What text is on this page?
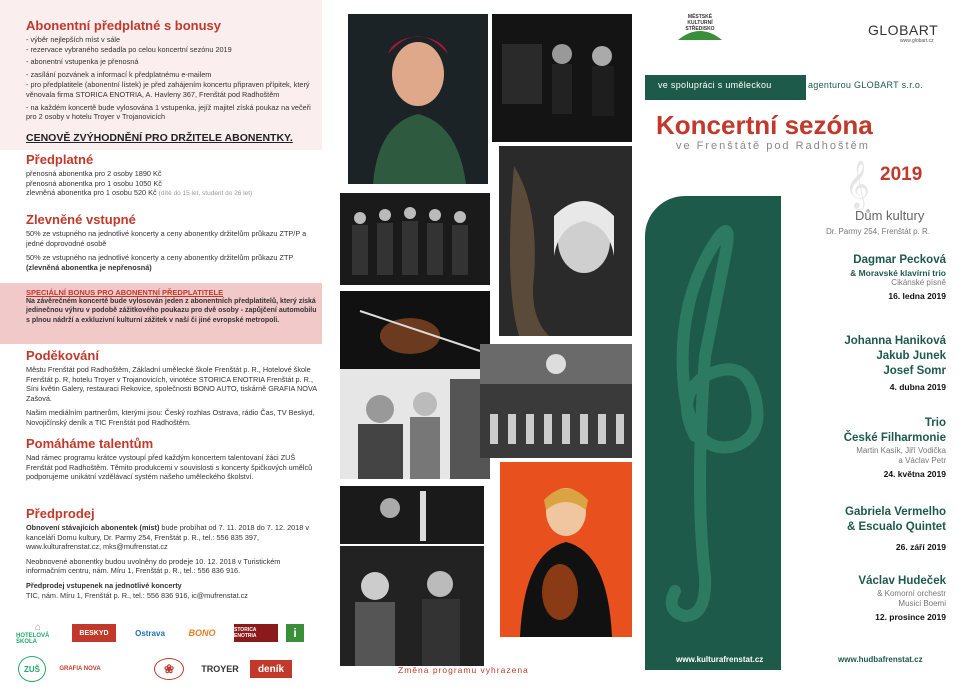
Abonentní předplatné s bonusy
- výběr nejlepších míst v sále
- rezervace vybraného sedadla po celou koncertní sezónu 2019
- abonentní vstupenka je přenosná
- zasílání pozvánek a informací k předplatnému e-mailem
- pro předplatitele (abonentní lístek) je před zahájením koncertu připraven přípitek, který věnovala firma STORICA ENOTRIA, A. Havleny 367, Frenštát pod Radhoštěm
- na každém koncertě bude vylosována 1 vstupenka, jejíž majitel získá poukaz na večeři pro 2 osoby v hotelu Troyer v Trojanovicích
CENOVĚ ZVÝHODNĚNÍ PRO DRŽITELE ABONENTKY.
Předplatné
přenosná abonentka pro 2 osoby 1890 Kč
přenosná abonentka pro 1 osobu 1050 Kč
zlevněná abonentka pro 1 osobu 520 Kč (dítě do 15 let, student do 26 let)
Zlevněné vstupné
50% ze vstupného na jednotlivé koncerty a ceny abonentky držitelům průkazu ZTP/P a jedné doprovodné osobě
50% ze vstupného na jednotlivé koncerty a ceny abonentky držitelům průkazu ZTP (zlevněná abonentka je nepřenosná)
SPECIÁLNÍ BONUS PRO ABONENTNÍ PŘEDPLATITELE
Na závěrečném koncertě bude vylosován jeden z abonentních předplatitelů, který získá jedinečnou výhru v podobě zážitkového poukazu pro dvě osoby - zapůjčení automobilu s plnou nádrží a exkluzivní kulturní zážitek v naší či jiné evropské metropoli.
Poděkování
Městu Frenštát pod Radhoštěm, Základní umělecké škole Frenštát p. R., Hotelové škole Frenštát p. R, hotelu Troyer v Trojanovicích, vinotéce STORICA ENOTRIA Frenštát p. R., Síni květin Galery, restauraci Rekovice, společnosti BONO AUTO, tiskárně GRAFIA NOVA Zašová.
Našim mediálním partnerům, kterými jsou: Český rozhlas Ostrava, rádio Čas, TV Beskyd, Novojičínský deník a TIC Frenštát pod Radhoštěm.
Pomáháme talentům
Nad rámec programu krátce vystoupí před každým koncertem talentovaní žáci ZUŠ Frenštát pod Radhoštěm. Těmito produkcemi v souvislosti s koncerty špičkových umělců podporujeme unikátní vzdělávací systém našeho uměleckého školství.
Předprodej
Obnovení stávajících abonentek (míst) bude probíhat od 7. 11. 2018 do 7. 12. 2018 v kanceláři Domu kultury, Dr. Parmy 254, Frenštát p. R., tel.: 556 835 397, www.kulturafrenstat.cz, mks@mufrenstat.cz
Neobnovené abonentky budou uvolněny do prodeje 10. 12. 2018 v Turistickém informačním centru, nám. Míru 1, Frenštát p. R., tel.: 556 836 916.
Předprodej vstupenek na jednotlivé koncerty
TIC, nám. Míru 1, Frenštát p. R., tel.: 556 836 916, ic@mufrenstat.cz
⌂
HOTELOVÁ ŠKOLA
BESKYD	Ostrava	BONO	STORICA ENOTRIA	i
ZUŠ	GRAFIA NOVA	❀	TROYER	deník
MĚSTSKÉ KULTURNÍ STŘEDISKO	GLOBART
www.globart.cz
ve spolupráci s uměleckou	agenturou GLOBART s.r.o.
Koncertní sezóna
ve Frenštátě pod Radhoštěm
2019
𝄞
Dům kultury
Dr. Parmy 254, Frenštát p. R.
Dagmar Pecková
& Moravské klavírní trio
Cikánské písně
16. ledna 2019
Johanna Haniková
Jakub Junek
Josef Somr
4. dubna 2019
Trio
České Filharmonie
Martin Kasík, Jiří Vodička
a Václav Petr
24. května 2019
Gabriela Vermelho
& Escualo Quintet
26. září 2019
Václav Hudeček
& Komorní orchestr
Musici Boemi
12. prosince 2019
www.kulturafrenstat.cz	www.hudbafrenstat.cz
Změna programu vyhrazena
